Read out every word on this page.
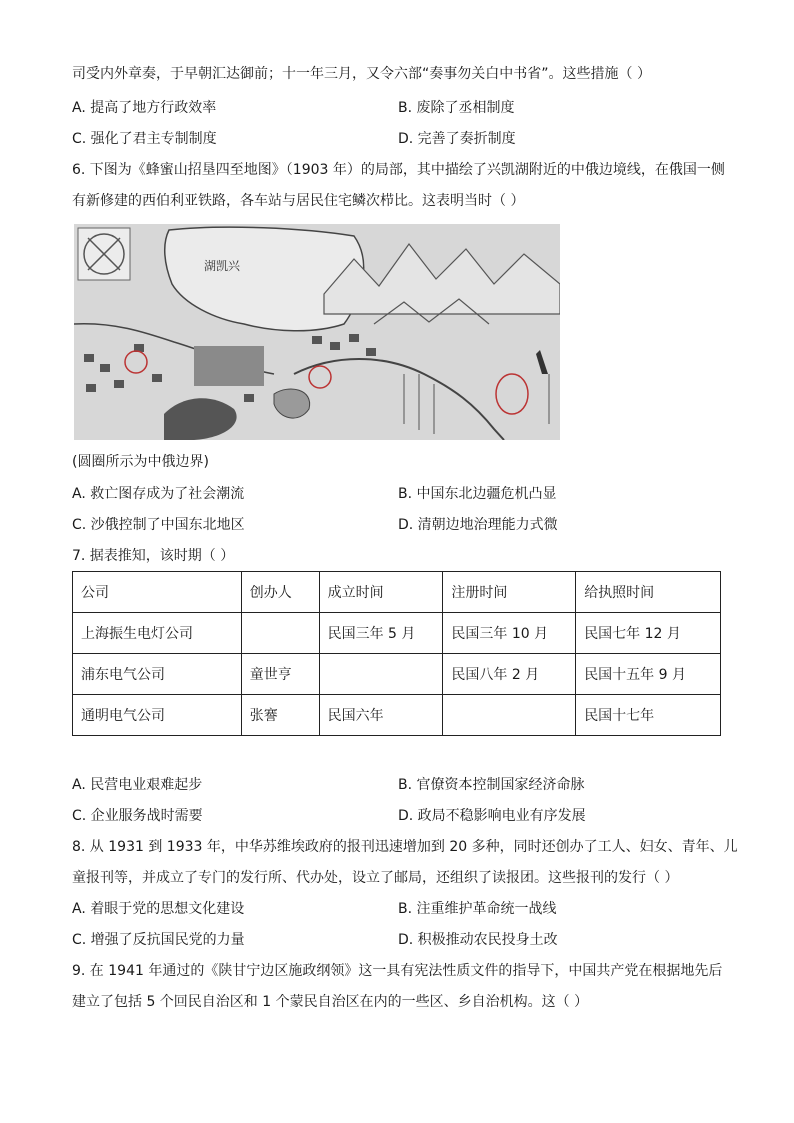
司受内外章奏，于早朝汇达御前；十一年三月，又令六部“奏事勿关白中书省”。这些措施（ ）
A. 提高了地方行政效率	B. 废除了丞相制度
C. 强化了君主专制制度	D. 完善了奏折制度
6. 下图为《蜂蜜山招垦四至地图》（1903 年）的局部，其中描绘了兴凯湖附近的中俄边境线，在俄国一侧
有新修建的西伯利亚铁路，各车站与居民住宅鳞次栉比。这表明当时（ ）
湖凯兴
(圆圈所示为中俄边界)
A. 救亡图存成为了社会潮流	B. 中国东北边疆危机凸显
C. 沙俄控制了中国东北地区	D. 清朝边地治理能力式微
7. 据表推知，该时期（ ）
公司	创办人	成立时间	注册时间	给执照时间
上海振生电灯公司		民国三年 5 月	民国三年 10 月	民国七年 12 月
浦东电气公司	童世亨		民国八年 2 月	民国十五年 9 月
通明电气公司	张謇	民国六年		民国十七年
A. 民营电业艰难起步	B. 官僚资本控制国家经济命脉
C. 企业服务战时需要	D. 政局不稳影响电业有序发展
8. 从 1931 到 1933 年，中华苏维埃政府的报刊迅速增加到 20 多种，同时还创办了工人、妇女、青年、儿
童报刊等，并成立了专门的发行所、代办处，设立了邮局，还组织了读报团。这些报刊的发行（ ）
A. 着眼于党的思想文化建设	B. 注重维护革命统一战线
C. 增强了反抗国民党的力量	D. 积极推动农民投身土改
9. 在 1941 年通过的《陕甘宁边区施政纲领》这一具有宪法性质文件的指导下，中国共产党在根据地先后
建立了包括 5 个回民自治区和 1 个蒙民自治区在内的一些区、乡自治机构。这（ ）
